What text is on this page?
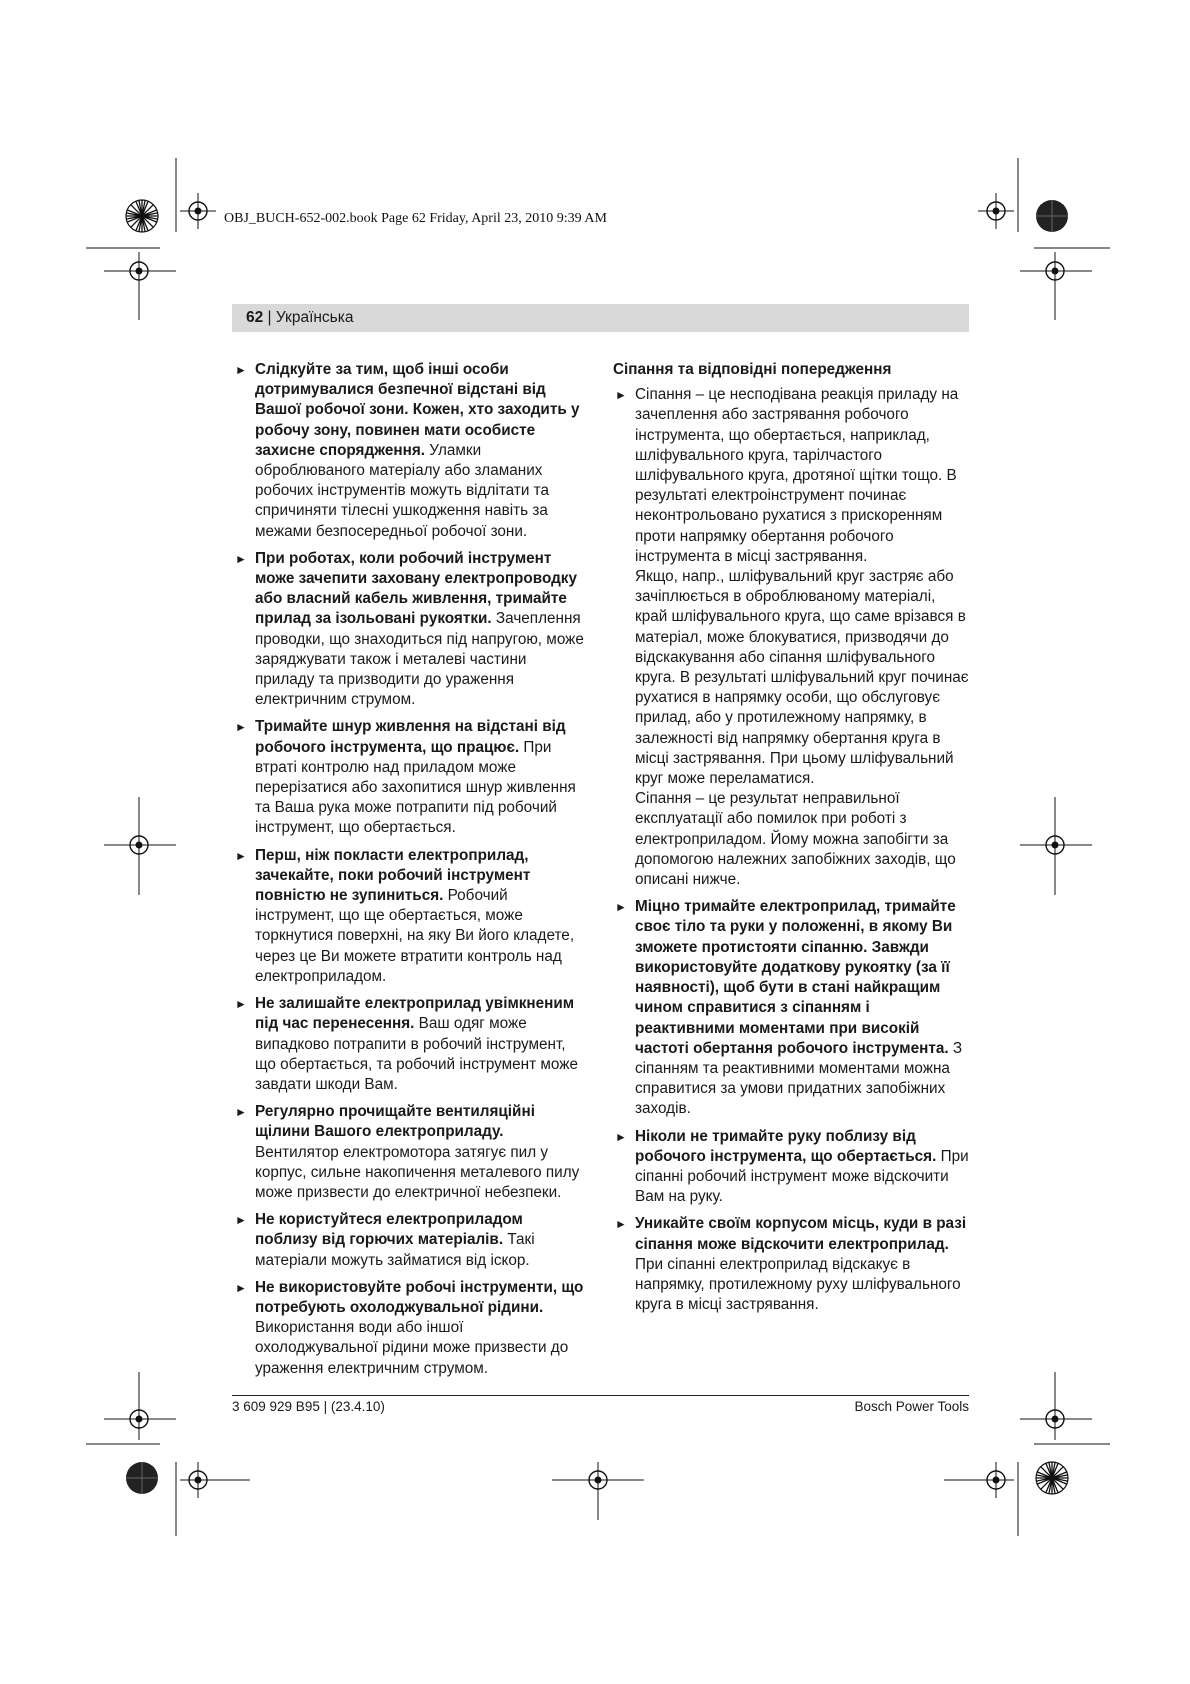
OBJ_BUCH-652-002.book Page 62 Friday, April 23, 2010 9:39 AM
62 | Українська
► Слідкуйте за тим, щоб інші особи дотримувалися безпечної відстані від Вашої робочої зони. Кожен, хто заходить у робочу зону, повинен мати особисте захисне спорядження. Уламки оброблюваного матеріалу або зламаних робочих інструментів можуть відлітати та спричиняти тілесні ушкодження навіть за межами безпосередньої робочої зони.

► При роботах, коли робочий інструмент може зачепити заховану електропроводку або власний кабель живлення, тримайте прилад за ізольовані рукоятки. Зачеплення проводки, що знаходиться під напругою, може заряджувати також і металеві частини приладу та призводити до ураження електричним струмом.

► Тримайте шнур живлення на відстані від робочого інструмента, що працює. При втраті контролю над приладом може перерізатися або захопитися шнур живлення та Ваша рука може потрапити під робочий інструмент, що обертається.

► Перш, ніж покласти електроприлад, зачекайте, поки робочий інструмент повністю не зупиниться. Робочий інструмент, що ще обертається, може торкнутися поверхні, на яку Ви його кладете, через це Ви можете втратити контроль над електроприладом.

► Не залишайте електроприлад увімкненим під час перенесення. Ваш одяг може випадково потрапити в робочий інструмент, що обертається, та робочий інструмент може завдати шкоди Вам.

► Регулярно прочищайте вентиляційні щілини Вашого електроприладу. Вентилятор електромотора затягує пил у корпус, сильне накопичення металевого пилу може призвести до електричної небезпеки.

► Не користуйтеся електроприладом поблизу від горючих матеріалів. Такі матеріали можуть займатися від іскор.

► Не використовуйте робочі інструменти, що потребують охолоджувальної рідини. Використання води або іншої охолоджувальної рідини може призвести до ураження електричним струмом.

Сіпання та відповідні попередження

► Сіпання – це несподівана реакція приладу на зачеплення або застрявання робочого інструмента, що обертається, наприклад, шліфувального круга, тарілчастого шліфувального круга, дротяної щітки тощо. В результаті електроінструмент починає неконтрольовано рухатися з прискоренням проти напрямку обертання робочого інструмента в місці застрявання.

Якщо, напр., шліфувальний круг застряє або зачіплюється в оброблюваному матеріалі, край шліфувального круга, що саме врізався в матеріал, може блокуватися, призводячи до відскакування або сіпання шліфувального круга. В результаті шліфувальний круг починає рухатися в напрямку особи, що обслуговує прилад, або у протилежному напрямку, в залежності від напрямку обертання круга в місці застрявання. При цьому шліфувальний круг може переламатися.

Сіпання – це результат неправильної експлуатації або помилок при роботі з електроприладом. Йому можна запобігти за допомогою належних запобіжних заходів, що описані нижче.

► Міцно тримайте електроприлад, тримайте своє тіло та руки у положенні, в якому Ви зможете протистояти сіпанню. Завжди використовуйте додаткову рукоятку (за її наявності), щоб бути в стані найкращим чином справитися з сіпанням і реактивними моментами при високій частоті обертання робочого інструмента. З сіпанням та реактивними моментами можна справитися за умови придатних запобіжних заходів.

► Ніколи не тримайте руку поблизу від робочого інструмента, що обертається. При сіпанні робочий інструмент може відскочити Вам на руку.

► Уникайте своїм корпусом місць, куди в разі сіпання може відскочити електроприлад. При сіпанні електроприлад відскакує в напрямку, протилежному руху шліфувального круга в місці застрявання.

3 609 929 B95 | (23.4.10)	Bosch Power Tools
